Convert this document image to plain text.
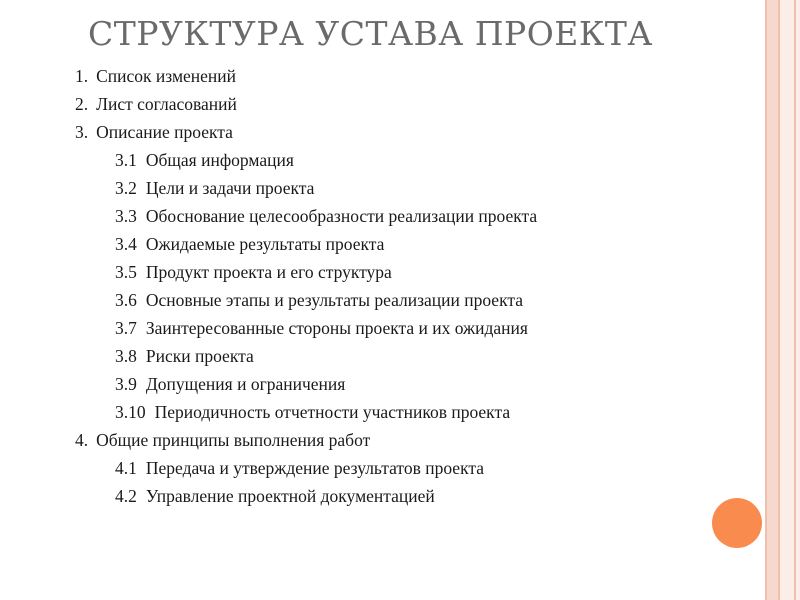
СТРУКТУРА УСТАВА ПРОЕКТА
1. Список изменений
2. Лист согласований
3. Описание проекта
3.1 Общая информация
3.2 Цели и задачи проекта
3.3 Обоснование целесообразности реализации проекта
3.4 Ожидаемые результаты проекта
3.5 Продукт проекта и его структура
3.6 Основные этапы и результаты реализации проекта
3.7 Заинтересованные стороны проекта и их ожидания
3.8 Риски проекта
3.9 Допущения и ограничения
3.10 Периодичность отчетности участников проекта
4. Общие принципы выполнения работ
4.1 Передача и утверждение результатов проекта
4.2 Управление проектной документацией
